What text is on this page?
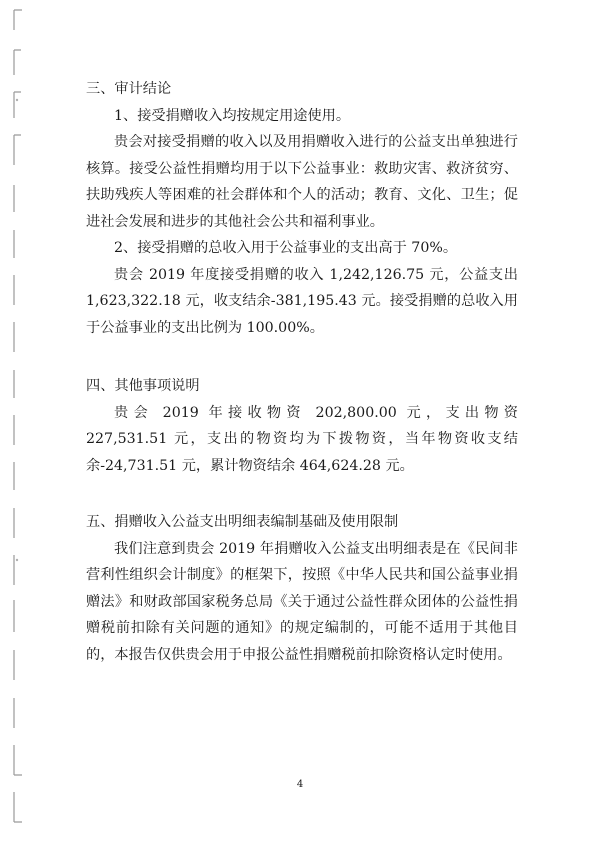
三、审计结论
1、接受捐赠收入均按规定用途使用。
贵会对接受捐赠的收入以及用捐赠收入进行的公益支出单独进行核算。接受公益性捐赠均用于以下公益事业：救助灾害、救济贫穷、扶助残疾人等困难的社会群体和个人的活动；教育、文化、卫生；促进社会发展和进步的其他社会公共和福利事业。
2、接受捐赠的总收入用于公益事业的支出高于 70%。
贵会 2019 年度接受捐赠的收入 1,242,126.75 元，公益支出 1,623,322.18 元，收支结余-381,195.43 元。接受捐赠的总收入用于公益事业的支出比例为 100.00%。
四、其他事项说明
贵会 2019 年接收物资 202,800.00 元，支出物资 227,531.51 元，支出的物资均为下拨物资，当年物资收支结余-24,731.51 元，累计物资结余 464,624.28 元。
五、捐赠收入公益支出明细表编制基础及使用限制
我们注意到贵会 2019 年捐赠收入公益支出明细表是在《民间非营利性组织会计制度》的框架下，按照《中华人民共和国公益事业捐赠法》和财政部国家税务总局《关于通过公益性群众团体的公益性捐赠税前扣除有关问题的通知》的规定编制的，可能不适用于其他目的，本报告仅供贵会用于申报公益性捐赠税前扣除资格认定时使用。
4
